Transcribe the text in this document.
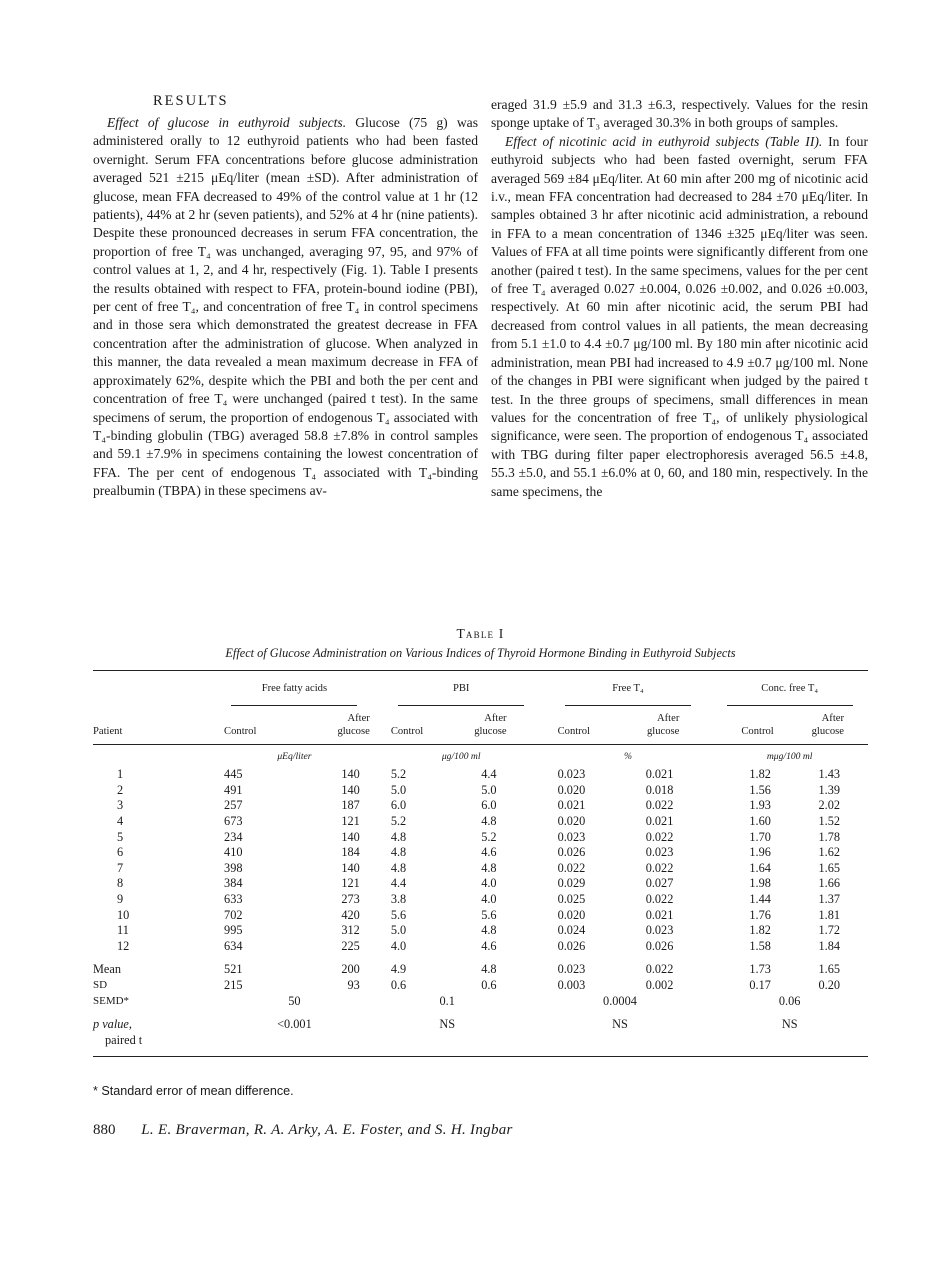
RESULTS

Effect of glucose in euthyroid subjects. Glucose (75 g) was administered orally to 12 euthyroid patients who had been fasted overnight. Serum FFA concentrations before glucose administration averaged 521 ±215 μEq/liter (mean ±SD). After administration of glucose, mean FFA decreased to 49% of the control value at 1 hr (12 patients), 44% at 2 hr (seven patients), and 52% at 4 hr (nine patients). Despite these pronounced decreases in serum FFA concentration, the proportion of free T₄ was unchanged, averaging 97, 95, and 97% of control values at 1, 2, and 4 hr, respectively (Fig. 1). Table I presents the results obtained with respect to FFA, protein-bound iodine (PBI), per cent of free T₄, and concentration of free T₄ in control specimens and in those sera which demonstrated the greatest decrease in FFA concentration after the administration of glucose. When analyzed in this manner, the data revealed a mean maximum decrease in FFA of approximately 62%, despite which the PBI and both the per cent and concentration of free T₄ were unchanged (paired t test). In the same specimens of serum, the proportion of endogenous T₄ associated with T₄-binding globulin (TBG) averaged 58.8 ±7.8% in control samples and 59.1 ±7.9% in specimens containing the lowest concentration of FFA. The per cent of endogenous T₄ associated with T₄-binding prealbumin (TBPA) in these specimens av-

eraged 31.9 ±5.9 and 31.3 ±6.3, respectively. Values for the resin sponge uptake of T₃ averaged 30.3% in both groups of samples.

Effect of nicotinic acid in euthyroid subjects (Table II). In four euthyroid subjects who had been fasted overnight, serum FFA averaged 569 ±84 μEq/liter. At 60 min after 200 mg of nicotinic acid i.v., mean FFA concentration had decreased to 284 ±70 μEq/liter. In samples obtained 3 hr after nicotinic acid administration, a rebound in FFA to a mean concentration of 1346 ±325 μEq/liter was seen. Values of FFA at all time points were significantly different from one another (paired t test). In the same specimens, values for the per cent of free T₄ averaged 0.027 ±0.004, 0.026 ±0.002, and 0.026 ±0.003, respectively. At 60 min after nicotinic acid, the serum PBI had decreased from control values in all patients, the mean decreasing from 5.1 ±1.0 to 4.4 ±0.7 μg/100 ml. By 180 min after nicotinic acid administration, mean PBI had increased to 4.9 ±0.7 μg/100 ml. None of the changes in PBI were significant when judged by the paired t test. In the three groups of specimens, small differences in mean values for the concentration of free T₄, of unlikely physiological significance, were seen. The proportion of endogenous T₄ associated with TBG during filter paper electrophoresis averaged 56.5 ±4.8, 55.3 ±5.0, and 55.1 ±6.0% at 0, 60, and 180 min, respectively. In the same specimens, the

Table I
Effect of Glucose Administration on Various Indices of Thyroid Hormone Binding in Euthyroid Subjects
	Free fatty acids		PBI		Free T₄		Conc. free T₄	
Patient	Control	After
glucose	Control	After
glucose	Control	After
glucose	Control	After
glucose

	μEq/liter		μg/100 ml		%		mμg/100 ml	
1	445	140	5.2	4.4	0.023	0.021	1.82	1.43
2	491	140	5.0	5.0	0.020	0.018	1.56	1.39
3	257	187	6.0	6.0	0.021	0.022	1.93	2.02
4	673	121	5.2	4.8	0.020	0.021	1.60	1.52
5	234	140	4.8	5.2	0.023	0.022	1.70	1.78
6	410	184	4.8	4.6	0.026	0.023	1.96	1.62
7	398	140	4.8	4.8	0.022	0.022	1.64	1.65
8	384	121	4.4	4.0	0.029	0.027	1.98	1.66
9	633	273	3.8	4.0	0.025	0.022	1.44	1.37
10	702	420	5.6	5.6	0.020	0.021	1.76	1.81
11	995	312	5.0	4.8	0.024	0.023	1.82	1.72
12	634	225	4.0	4.6	0.026	0.026	1.58	1.84

Mean	521	200	4.9	4.8	0.023	0.022	1.73	1.65
SD	215	93	0.6	0.6	0.003	0.002	0.17	0.20
SEMD*	50		0.1		0.0004		0.06	

p value,
paired t	<0.001		NS		NS		NS	
* Standard error of mean difference.
880 L. E. Braverman, R. A. Arky, A. E. Foster, and S. H. Ingbar
